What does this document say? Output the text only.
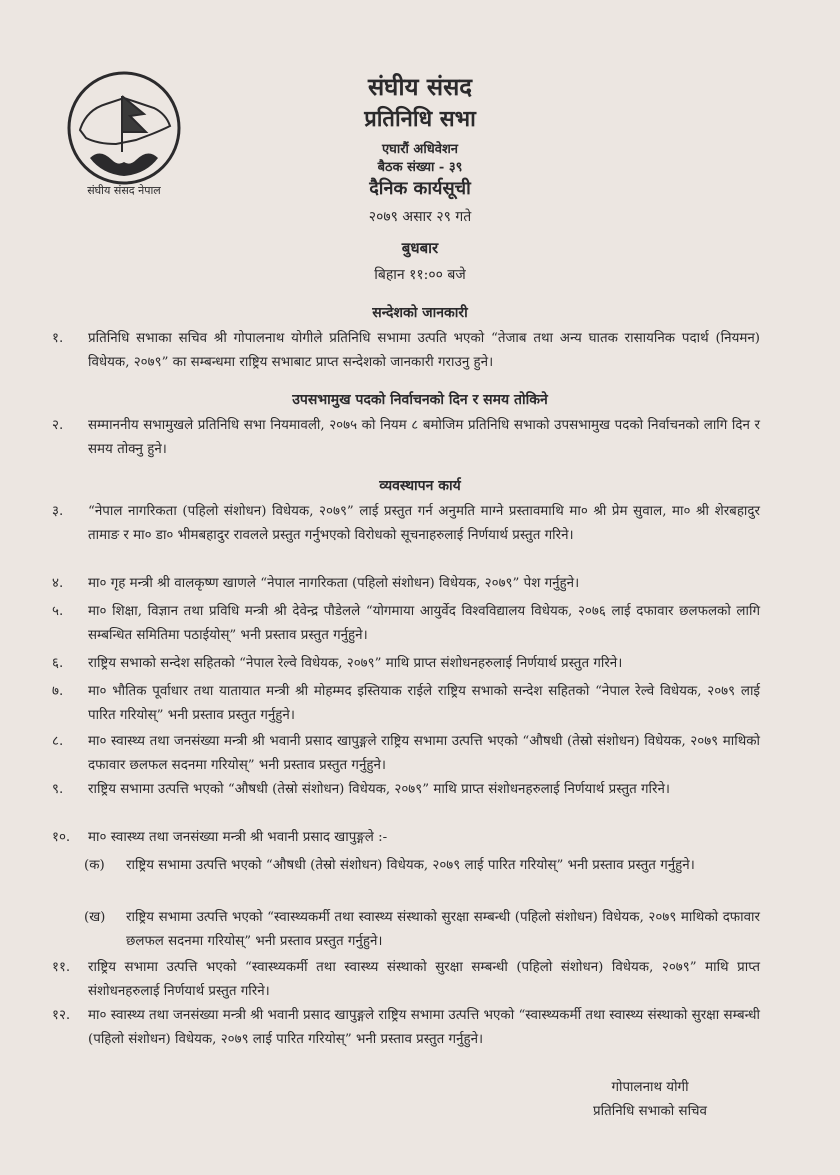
संघीय संसद नेपाल
संघीय संसद
प्रतिनिधि सभा
एघारौं अधिवेशन
बैठक संख्या - ३९
दैनिक कार्यसूची
२०७९ असार २९ गते
बुधबार
बिहान ११:०० बजे
सन्देशको जानकारी
१.	प्रतिनिधि सभाका सचिव श्री गोपालनाथ योगीले प्रतिनिधि सभामा उत्पति भएको “तेजाब तथा अन्य घातक रासायनिक पदार्थ (नियमन) विधेयक, २०७९” का सम्बन्धमा राष्ट्रिय सभाबाट प्राप्त सन्देशको जानकारी गराउनु हुने।
उपसभामुख पदको निर्वाचनको दिन र समय तोकिने
२.	सम्माननीय सभामुखले प्रतिनिधि सभा नियमावली, २०७५ को नियम ८ बमोजिम प्रतिनिधि सभाको उपसभामुख पदको निर्वाचनको लागि दिन र समय तोक्नु हुने।
व्यवस्थापन कार्य
३.	“नेपाल नागरिकता (पहिलो संशोधन) विधेयक, २०७९” लाई प्रस्तुत गर्न अनुमति माग्ने प्रस्तावमाथि मा० श्री प्रेम सुवाल, मा० श्री शेरबहादुर तामाङ र मा० डा० भीमबहादुर रावलले प्रस्तुत गर्नुभएको विरोधको सूचनाहरुलाई निर्णयार्थ प्रस्तुत गरिने।
४.	मा० गृह मन्त्री श्री वालकृष्ण खाणले “नेपाल नागरिकता (पहिलो संशोधन) विधेयक, २०७९” पेश गर्नुहुने।
५.	मा० शिक्षा, विज्ञान तथा प्रविधि मन्त्री श्री देवेन्द्र पौडेलले “योगमाया आयुर्वेद विश्वविद्यालय विधेयक, २०७६ लाई दफावार छलफलको लागि सम्बन्धित समितिमा पठाईयोस्” भनी प्रस्ताव प्रस्तुत गर्नुहुने।
६.	राष्ट्रिय सभाको सन्देश सहितको “नेपाल रेल्वे विधेयक, २०७९” माथि प्राप्त संशोधनहरुलाई निर्णयार्थ प्रस्तुत गरिने।
७.	मा० भौतिक पूर्वाधार तथा यातायात मन्त्री श्री मोहम्मद इस्तियाक राईले राष्ट्रिय सभाको सन्देश सहितको “नेपाल रेल्वे विधेयक, २०७९ लाई पारित गरियोस्” भनी प्रस्ताव प्रस्तुत गर्नुहुने।
८.	मा० स्वास्थ्य तथा जनसंख्या मन्त्री श्री भवानी प्रसाद खापुङ्गले राष्ट्रिय सभामा उत्पत्ति भएको “औषधी (तेस्रो संशोधन) विधेयक, २०७९ माथिको दफावार छलफल सदनमा गरियोस्” भनी प्रस्ताव प्रस्तुत गर्नुहुने।
९.	राष्ट्रिय सभामा उत्पत्ति भएको “औषधी (तेस्रो संशोधन) विधेयक, २०७९” माथि प्राप्त संशोधनहरुलाई निर्णयार्थ प्रस्तुत गरिने।
१०.	मा० स्वास्थ्य तथा जनसंख्या मन्त्री श्री भवानी प्रसाद खापुङ्गले :-
(क)	राष्ट्रिय सभामा उत्पत्ति भएको “औषधी (तेस्रो संशोधन) विधेयक, २०७९ लाई पारित गरियोस्” भनी प्रस्ताव प्रस्तुत गर्नुहुने।
(ख)	राष्ट्रिय सभामा उत्पत्ति भएको “स्वास्थ्यकर्मी तथा स्वास्थ्य संस्थाको सुरक्षा सम्बन्धी (पहिलो संशोधन) विधेयक, २०७९ माथिको दफावार छलफल सदनमा गरियोस्” भनी प्रस्ताव प्रस्तुत गर्नुहुने।
११.	राष्ट्रिय सभामा उत्पत्ति भएको “स्वास्थ्यकर्मी तथा स्वास्थ्य संस्थाको सुरक्षा सम्बन्धी (पहिलो संशोधन) विधेयक, २०७९” माथि प्राप्त संशोधनहरुलाई निर्णयार्थ प्रस्तुत गरिने।
१२.	मा० स्वास्थ्य तथा जनसंख्या मन्त्री श्री भवानी प्रसाद खापुङ्गले राष्ट्रिय सभामा उत्पत्ति भएको “स्वास्थ्यकर्मी तथा स्वास्थ्य संस्थाको सुरक्षा सम्बन्धी (पहिलो संशोधन) विधेयक, २०७९ लाई पारित गरियोस्” भनी प्रस्ताव प्रस्तुत गर्नुहुने।
गोपालनाथ योगी
प्रतिनिधि सभाको सचिव
